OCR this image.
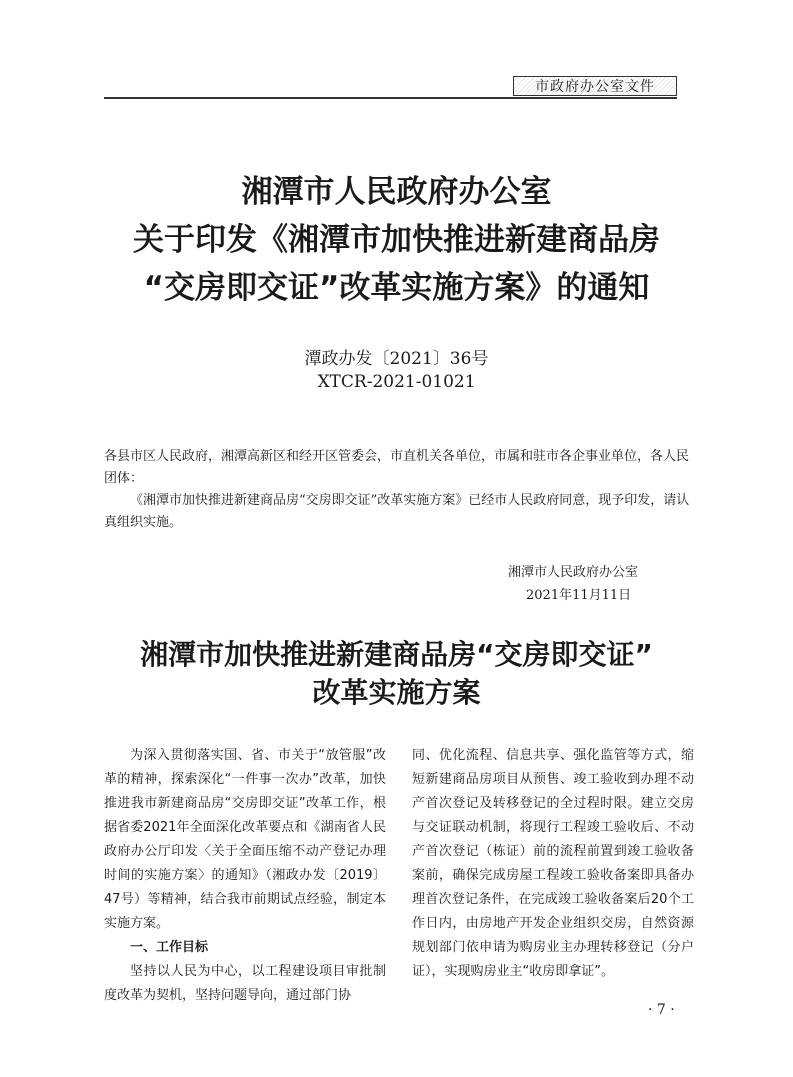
市政府办公室文件
湘潭市人民政府办公室
关于印发《湘潭市加快推进新建商品房
“交房即交证”改革实施方案》的通知
潭政办发〔2021〕36号
XTCR-2021-01021
各县市区人民政府，湘潭高新区和经开区管委会，市直机关各单位，市属和驻市各企事业单位，各人民团体：
《湘潭市加快推进新建商品房“交房即交证”改革实施方案》已经市人民政府同意，现予印发，请认真组织实施。
湘潭市人民政府办公室
2021年11月11日
湘潭市加快推进新建商品房“交房即交证”
改革实施方案

为深入贯彻落实国、省、市关于“放管服”改革的精神，探索深化“一件事一次办”改革，加快推进我市新建商品房“交房即交证”改革工作，根据省委2021年全面深化改革要点和《湖南省人民政府办公厅印发〈关于全面压缩不动产登记办理时间的实施方案〉的通知》（湘政办发〔2019〕47号）等精神，结合我市前期试点经验，制定本实施方案。

一、工作目标

坚持以人民为中心，以工程建设项目审批制度改革为契机，坚持问题导向，通过部门协

同、优化流程、信息共享、强化监管等方式，缩短新建商品房项目从预售、竣工验收到办理不动产首次登记及转移登记的全过程时限。建立交房与交证联动机制，将现行工程竣工验收后、不动产首次登记（栋证）前的流程前置到竣工验收备案前，确保完成房屋工程竣工验收备案即具备办理首次登记条件，在完成竣工验收备案后20个工作日内，由房地产开发企业组织交房，自然资源规划部门依申请为购房业主办理转移登记（分户证），实现购房业主“收房即拿证”。

· 7 ·
